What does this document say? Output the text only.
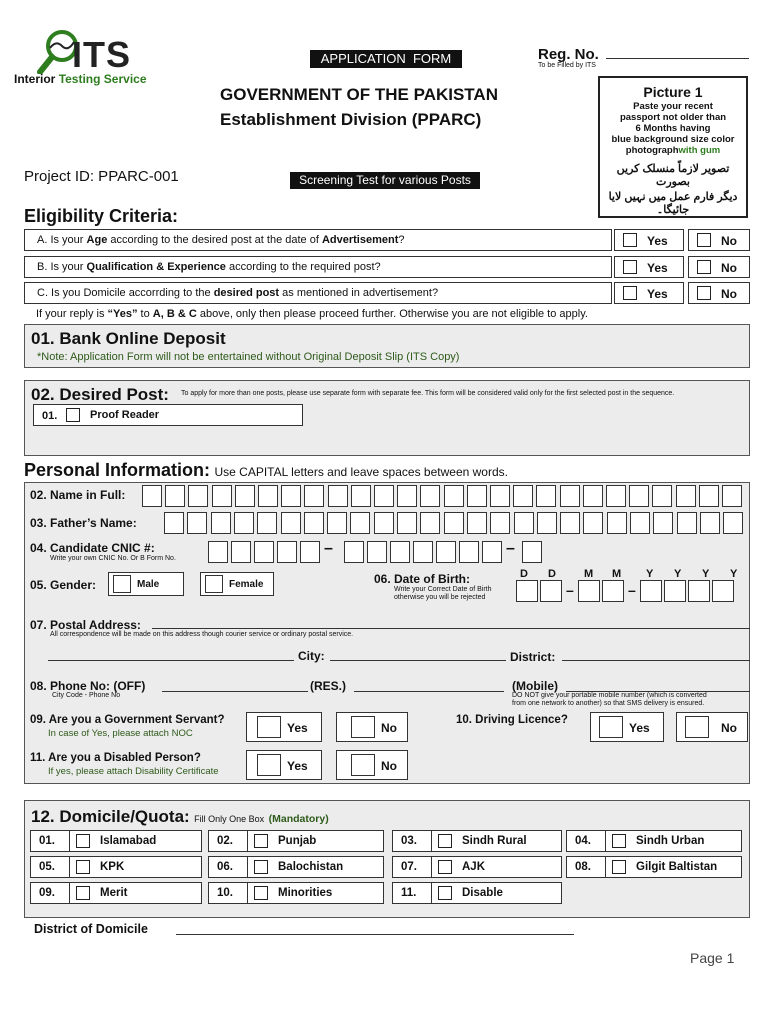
ITS
Interior Testing Service
APPLICATION  FORM	Reg. No.
To be Filled by ITS
GOVERNMENT OF THE PAKISTAN
Establishment Division (PPARC)
Project ID: PPARC-001	Screening Test for various Posts
Picture 1
Paste your recent
passport not older than
6 Months having
blue background size color
photographwith gum
تصویر لازماً منسلک کریں بصورت
دیگر فارم عمل میں نہیں لایا جائیگا۔
Eligibility Criteria:
A. Is your Age according to the desired post at the date of Advertisement?	Yes	No
B. Is your Qualification & Experience according to the required post?	Yes	No
C. Is you Domicile accorrding to the desired post as mentioned in advertisement?	Yes	No
If your reply is “Yes” to A, B & C above, only then please proceed further. Otherwise you are not eligible to apply.
01. Bank Online Deposit
*Note: Application Form will not be entertained without Original Deposit Slip (ITS Copy)
02. Desired Post: To apply for more than one posts, please use separate form with separate fee. This form will be considered valid only for the first selected post in the sequence.
01.	Proof Reader
Personal Information: Use CAPITAL letters and leave spaces between words.
02. Name in Full:
03. Father’s Name:
04. Candidate CNIC #:
Write your own CNIC No. Or B Form No.
–	–
05. Gender:	Male	Female	06. Date of Birth:
Write your Correct Date of Birth
otherwise you will be rejected
D D	M M Y Y Y Y
–	–
07. Postal Address:
All correspondence will be made on this address though courier service or ordinary postal service.
City:	District:
08. Phone No: (OFF)
City Code - Phone No
(RES.)	(Mobile)
DO NOT give your portable mobile number (which is converted
from one network to another) so that SMS delivery is ensured.
09. Are you a Government Servant?
In case of Yes, please attach NOC	Yes	No
10. Driving Licence?
Yes	No
11. Are you a Disabled Person?
If yes, please attach Disability Certificate	Yes	No
12. Domicile/Quota: Fill Only One Box (Mandatory)
01.	Islamabad	02.	Punjab	03.	Sindh Rural	04.	Sindh Urban
05.	KPK	06.	Balochistan	07.	AJK	08.	Gilgit Baltistan
09.	Merit	10.	Minorities	11.	Disable
District of Domicile
Page 1
